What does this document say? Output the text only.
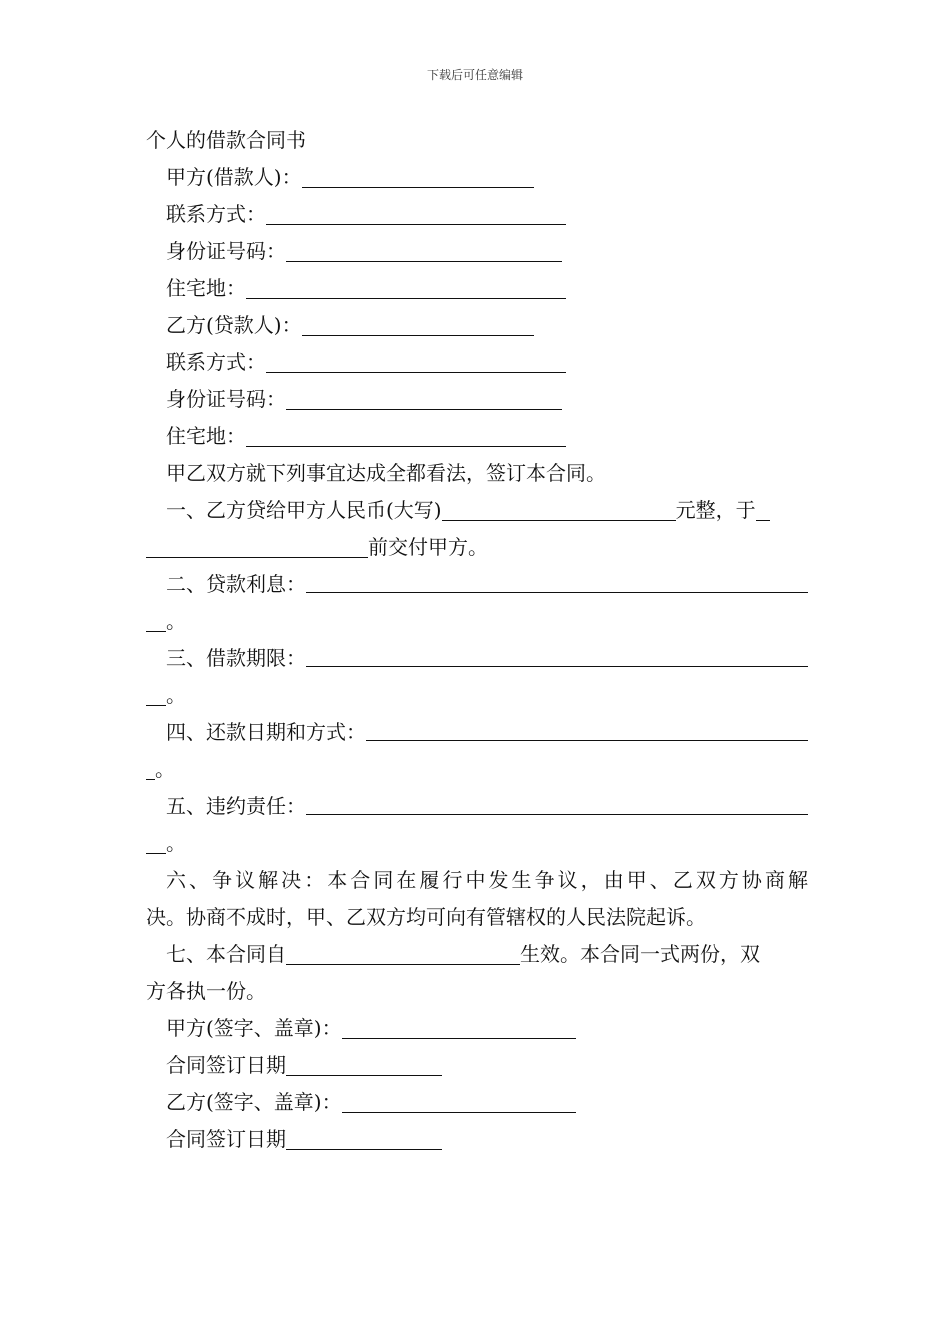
下载后可任意编辑
个人的借款合同书
甲方(借款人)：
联系方式：
身份证号码：
住宅地：
乙方(贷款人)：
联系方式：
身份证号码：
住宅地：
甲乙双方就下列事宜达成全都看法，签订本合同。
一、乙方贷给甲方人民币(大写)	元整，于
前交付甲方。
二、贷款利息：
。
三、借款期限：
。
四、还款日期和方式：
。
五、违约责任：
。
六、争议解决：本合同在履行中发生争议，由甲、乙双方协商解
决。协商不成时，甲、乙双方均可向有管辖权的人民法院起诉。
七、本合同自	生效。本合同一式两份，双
方各执一份。
甲方(签字、盖章)：
合同签订日期
乙方(签字、盖章)：
合同签订日期
